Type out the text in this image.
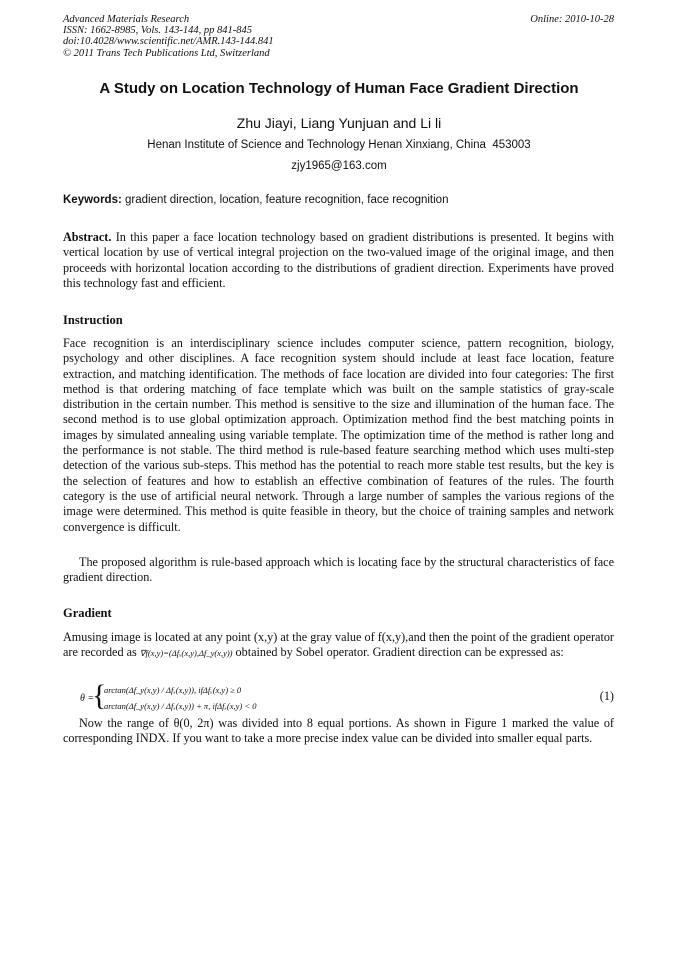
Advanced Materials Research
ISSN: 1662-8985, Vols. 143-144, pp 841-845
doi:10.4028/www.scientific.net/AMR.143-144.841
© 2011 Trans Tech Publications Ltd, Switzerland
Online: 2010-10-28
A Study on Location Technology of Human Face Gradient Direction
Zhu Jiayi, Liang Yunjuan and Li li
Henan Institute of Science and Technology Henan Xinxiang, China  453003
zjy1965@163.com
Keywords: gradient direction, location, feature recognition, face recognition

Abstract. In this paper a face location technology based on gradient distributions is presented. It begins with vertical location by use of vertical integral projection on the two-valued image of the original image, and then proceeds with horizontal location according to the distributions of gradient direction. Experiments have proved this technology fast and efficient.

Instruction

Face recognition is an interdisciplinary science includes computer science, pattern recognition, biology, psychology and other disciplines. A face recognition system should include at least face location, feature extraction, and matching identification. The methods of face location are divided into four categories: The first method is that ordering matching of face template which was built on the sample statistics of gray-scale distribution in the certain number. This method is sensitive to the size and illumination of the human face. The second method is to use global optimization approach. Optimization method find the best matching points in images by simulated annealing using variable template. The optimization time of the method is rather long and the performance is not stable. The third method is rule-based feature searching method which uses multi-step detection of the various sub-steps. This method has the potential to reach more stable test results, but the key is the selection of features and how to establish an effective combination of features of the rules. The fourth category is the use of artificial neural network. Through a large number of samples the various regions of the image were determined. This method is quite feasible in theory, but the choice of training samples and network convergence is difficult.

The proposed algorithm is rule-based approach which is locating face by the structural characteristics of face gradient direction.

Gradient

Amusing image is located at any point (x,y) at the gray value of f(x,y),and then the point of the gradient operator are recorded as ∇f(x,y)=(Δfₓ(x,y),Δf_y(x,y)) obtained by Sobel operator. Gradient direction can be expressed as:

θ =
{
arctan(Δf_y(x,y) / Δfₓ(x,y)), ifΔfₓ(x,y) ≥ 0
arctan(Δf_y(x,y) / Δfₓ(x,y)) + π, ifΔfₓ(x,y) < 0
(1)

Now the range of θ(0, 2π) was divided into 8 equal portions. As shown in Figure 1 marked the value of corresponding INDX. If you want to take a more precise index value can be divided into smaller equal parts.
